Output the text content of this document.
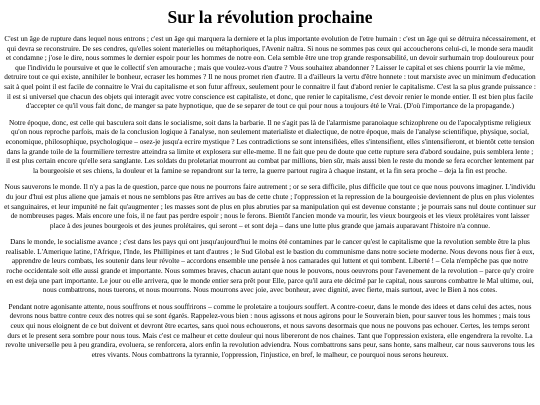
Sur la révolution prochaine

C'est un âge de rupture dans lequel nous entrons ; c'est un âge qui marquera la derniere et la plus importante evolution de l'etre humain : c'est un âge qui se détruira nécessairement, et qui devra se reconstruire. De ses cendres, qu'elles soient materielles ou métaphoriques, l'Avenir naîtra. Si nous ne sommes pas ceux qui accoucherons celui-ci, le monde sera maudit et condamne ; j'ose le dire, nous sommes le dernier espoir pour les hommes de notre eon. Cela semble être une trop grande responsabilité, un devoir surhumain trop douloureux pour que l'individu le poursuive et que le collectif s'en amourache ; mais que voulez-vous d'autre ? Vous souhaitez abandonner ? Laisser le capital et ses chiens pourrir la vie même, detruire tout ce qui existe, annihiler le bonheur, ecraser les hommes ? Il ne nous promet rien d'autre. Il a d'ailleurs la vertu d'être honnete : tout marxiste avec un minimum d'education sait à quel point il est facile de connaitre le Vrai du capitalisme et son futur affreux, seulement pour le connaitre il faut d'abord renier le capitalisme. C'est la sa plus grande puissance : il est si universel que chacun des objets qui interagit avec votre conscience est capitaliste, et donc, que renier le capitalisme, c'est devoir renier le monde entier. Il est bien plus facile d'accepter ce qu'il vous fait donc, de manger sa pate hypnotique, que de se separer de tout ce qui pour nous a toujours été le Vrai. (D'où l'importance de la propagande.)

Notre époque, donc, est celle qui basculera soit dans le socialisme, soit dans la barbarie. Il ne s'agit pas là de l'alarmisme paranoiaque schizophrene ou de l'apocalyptisme religieux qu'on nous reproche parfois, mais de la conclusion logique à l'analyse, non seulement materialiste et dialectique, de notre époque, mais de l'analyse scientifique, physique, social, economique, philosophique, psychologique – osez-je jusqu'a ecrire mystique ? Les contradictions se sont intensifiées, elles s'intensifient, elles s'intensifieront, et bientôt cette tension dans la grande toile de la fourmiliere terrestre atteindra sa limite et explosera sur elle-meme. Il ne fait que peu de doute que cette rupture sera d'abord soudaine, puis semblera lente ; il est plus certain encore qu'elle sera sanglante. Les soldats du proletariat mourront au combat par millions, bien sûr, mais aussi bien le reste du monde se fera ecorcher lentement par la bourgeoisie et ses chiens, la douleur et la famine se repandront sur la terre, la guerre partout rugira à chaque instant, et la fin sera proche – deja la fin est proche.

Nous sauverons le monde. Il n'y a pas la de question, parce que nous ne pourrons faire autrement ; or se sera difficile, plus difficile que tout ce que nous pouvons imaginer. L'individu du jour d'hui est plus aliene que jamais et nous ne semblons pas être arrives au bas de cette chute ; l'oppression et la repression de la bourgeoisie deviennent de plus en plus violentes et sanguinaires, et leur impunité ne fait qu'augmenter ; les masses sont de plus en plus abruties par sa manipulation qui est devenue constante ; je pourrais sans nul doute continuer sur de nombreuses pages. Mais encore une fois, il ne faut pas perdre espoir ; nous le ferons. Bientôt l'ancien monde va mourir, les vieux bourgeois et les vieux prolétaires vont laisser place à des jeunes bourgeois et des jeunes prolétaires, qui seront – et sont deja – dans une lutte plus grande que jamais auparavant l'histoire n'a connue.

Dans le monde, le socialisme avance ; c'est dans les pays qui ont jusqu'aujourd'hui le moins été contamines par le cancer qu'est le capitalisme que la revolution semble être la plus realisable. L'Amerique latine, l'Afrique, l'Inde, les Phillipines et tant d'autres ; le Sud Global est le bastion du communisme dans notre societe moderne. Nous devons nous fier à eux, apprendre de leurs combats, les soutenir dans leur révolte – accordons ensemble une pensée à nos camarades qui luttent et qui tombent. Liberté ! – Cela n'empêche pas que notre roche occidentale soit elle aussi grande et importante. Nous sommes braves, chacun autant que nous le pouvons, nous oeuvrons pour l'avenement de la revolution – parce qu'y croire en est deja une part importante. Le jour ou elle arrivera, que le monde entier sera prêt pour Elle, parce qu'il aura ete décimé par le capital, nous saurons combattre le Mal ultime, oui, nous combattrons, nous tuerons, et nous mourrons. Nous mourrons avec joie, avec bonheur, avec dignité, avec fierte, mais surtout, avec le Bien à nos cotes.

Pendant notre agonisante attente, nous souffrons et nous souffrirons – comme le proletaire a toujours souffert. A contre-coeur, dans le monde des idees et dans celui des actes, nous devrons nous battre contre ceux des notres qui se sont égarés. Rappelez-vous bien : nous agissons et nous agirons pour le Souverain bien, pour sauver tous les hommes ; mais tous ceux qui nous eloignent de ce but doivent et devront être ecartes, sans quoi nous echouerons, et nous savons desormais que nous ne pouvons pas echouer. Certes, les temps seront durs et le present sera sombre pour nous tous. Mais c'est ce malheur et cette douleur qui nous libereront de nos chaines. Tant que l'oppression existera, elle engendrera la revolte. La revolte universelle peu à peu grandira, evoluera, se renforcera, alors enfin la revolution adviendra. Nous combattrons sans peur, sans honte, sans malheur, car nous sauverons tous les etres vivants. Nous combattrons la tyrannie, l'oppression, l'injustice, en bref, le malheur, ce pourquoi nous serons heureux.
